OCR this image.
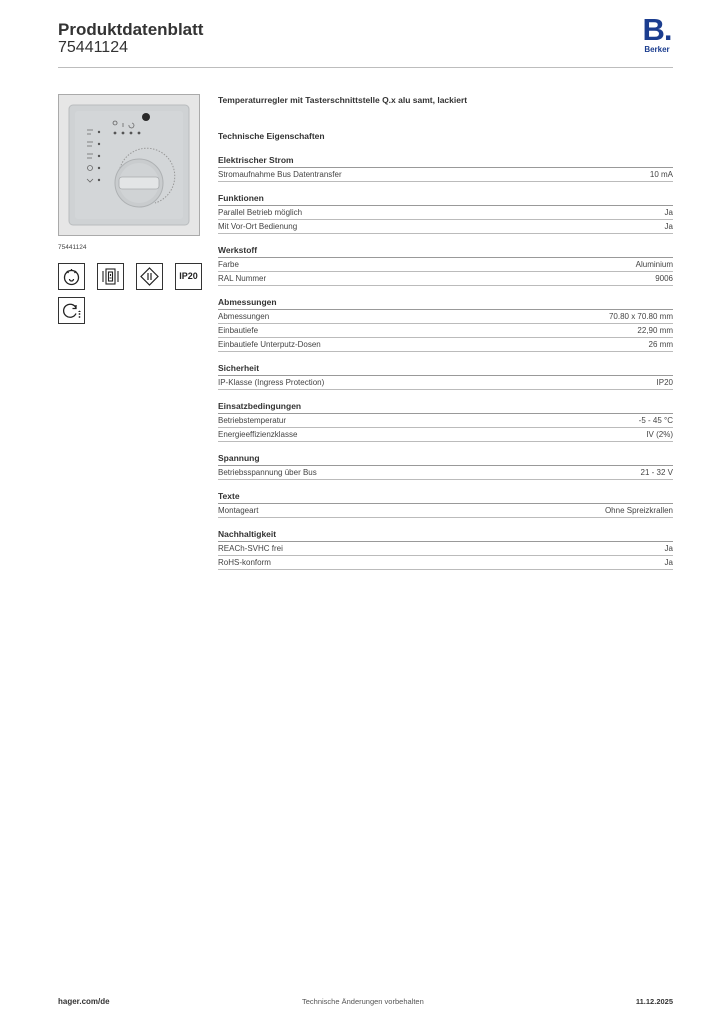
Produktdatenblatt
75441124
B.
Berker
75441124
IP20
Temperaturregler mit Tasterschnittstelle Q.x alu samt, lackiert
Technische Eigenschaften
Elektrischer Strom
Stromaufnahme Bus Datentransfer	10 mA
Funktionen
Parallel Betrieb möglich	Ja
Mit Vor-Ort Bedienung	Ja
Werkstoff
Farbe	Aluminium
RAL Nummer	9006
Abmessungen
Abmessungen	70.80 x 70.80 mm
Einbautiefe	22,90 mm
Einbautiefe Unterputz-Dosen	26 mm
Sicherheit
IP-Klasse (Ingress Protection)	IP20
Einsatzbedingungen
Betriebstemperatur	-5 - 45 °C
Energieeffizienzklasse	IV (2%)
Spannung
Betriebsspannung über Bus	21 - 32 V
Texte
Montageart	Ohne Spreizkrallen
Nachhaltigkeit
REACh-SVHC frei	Ja
RoHS-konform	Ja
hager.com/de	Technische Änderungen vorbehalten	11.12.2025
